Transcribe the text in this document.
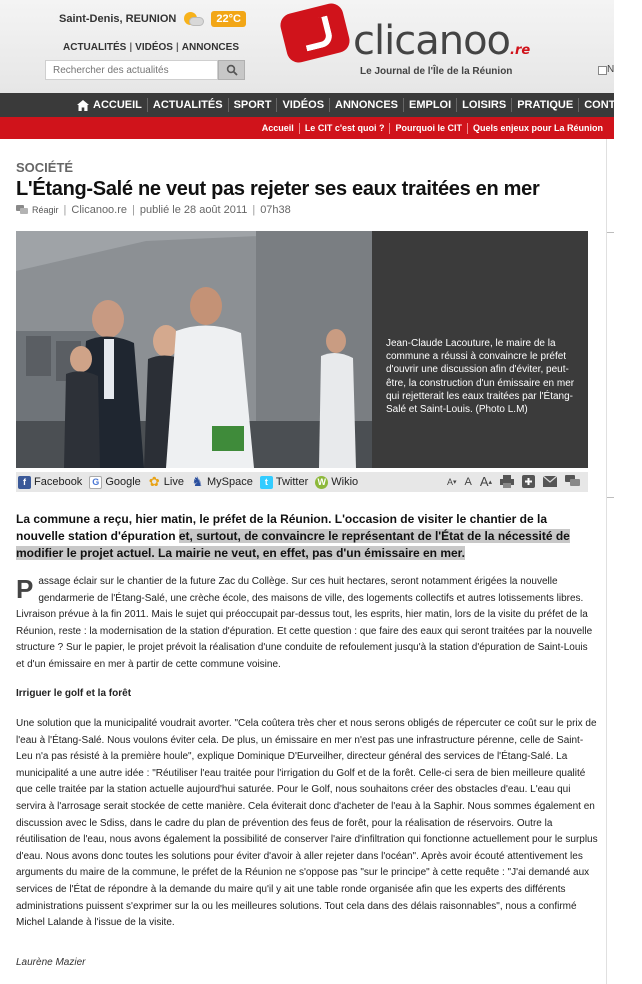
Saint-Denis, REUNION	22°C
ACTUALITÉS | VIDÉOS | ANNONCES
Rechercher des actualités	clicanoo.re
Le Journal de l'Île de la Réunion	N
ACCUEIL	ACTUALITÉS	SPORT	VIDÉOS	ANNONCES	EMPLOI	LOISIRS	PRATIQUE	CONTACT
Accueil	Le CIT c'est quoi ?	Pourquoi le CIT	Quels enjeux pour La Réunion
SOCIÉTÉ
L'Étang-Salé ne veut pas rejeter ses eaux traitées en mer
Réagir | Clicanoo.re | publié le 28 août 2011 | 07h38
Jean-Claude Lacouture, le maire de la commune a réussi à convaincre le préfet d'ouvrir une discussion afin d'éviter, peut-être, la construction d'un émissaire en mer qui rejetterait les eaux traitées par l'Étang-Salé et Saint-Louis. (Photo L.M)
f Facebook	G Google ✿ Live ♞ MySpace	t Twitter W Wikio	A ▾ A A ▴
La commune a reçu, hier matin, le préfet de la Réunion. L'occasion de visiter le chantier de la nouvelle station d'épuration et, surtout, de convaincre le représentant de l'État de la nécessité de modifier le projet actuel. La mairie ne veut, en effet, pas d'un émissaire en mer.
Passage éclair sur le chantier de la future Zac du Collège. Sur ces huit hectares, seront notamment érigées la nouvelle gendarmerie de l'Étang-Salé, une crèche école, des maisons de ville, des logements collectifs et autres lotissements libres. Livraison prévue à la fin 2011. Mais le sujet qui préoccupait par-dessus tout, les esprits, hier matin, lors de la visite du préfet de la Réunion, reste : la modernisation de la station d'épuration. Et cette question : que faire des eaux qui seront traitées par la nouvelle structure ? Sur le papier, le projet prévoit la réalisation d'une conduite de refoulement jusqu'à la station d'épuration de Saint-Louis et d'un émissaire en mer à partir de cette commune voisine.
Irriguer le golf et la forêt
Une solution que la municipalité voudrait avorter. "Cela coûtera très cher et nous serons obligés de répercuter ce coût sur le prix de l'eau à l'Étang-Salé. Nous voulons éviter cela. De plus, un émissaire en mer n'est pas une infrastructure pérenne, celle de Saint-Leu n'a pas résisté à la première houle", explique Dominique D'Eurveilher, directeur général des services de l'Étang-Salé. La municipalité a une autre idée : "Réutiliser l'eau traitée pour l'irrigation du Golf et de la forêt. Celle-ci sera de bien meilleure qualité que celle traitée par la station actuelle aujourd'hui saturée. Pour le Golf, nous souhaitons créer des obstacles d'eau. L'eau qui servira à l'arrosage serait stockée de cette manière. Cela éviterait donc d'acheter de l'eau à la Saphir. Nous sommes également en discussion avec le Sdiss, dans le cadre du plan de prévention des feus de forêt, pour la réalisation de réservoirs. Outre la réutilisation de l'eau, nous avons également la possibilité de conserver l'aire d'infiltration qui fonctionne actuellement pour le surplus d'eau. Nous avons donc toutes les solutions pour éviter d'avoir à aller rejeter dans l'océan". Après avoir écouté attentivement les arguments du maire de la commune, le préfet de la Réunion ne s'oppose pas "sur le principe" à cette requête : "J'ai demandé aux services de l'État de répondre à la demande du maire qu'il y ait une table ronde organisée afin que les experts des différents administrations puissent s'exprimer sur la ou les meilleures solutions. Tout cela dans des délais raisonnables", nous a confirmé Michel Lalande à l'issue de la visite.
Laurène Mazier
